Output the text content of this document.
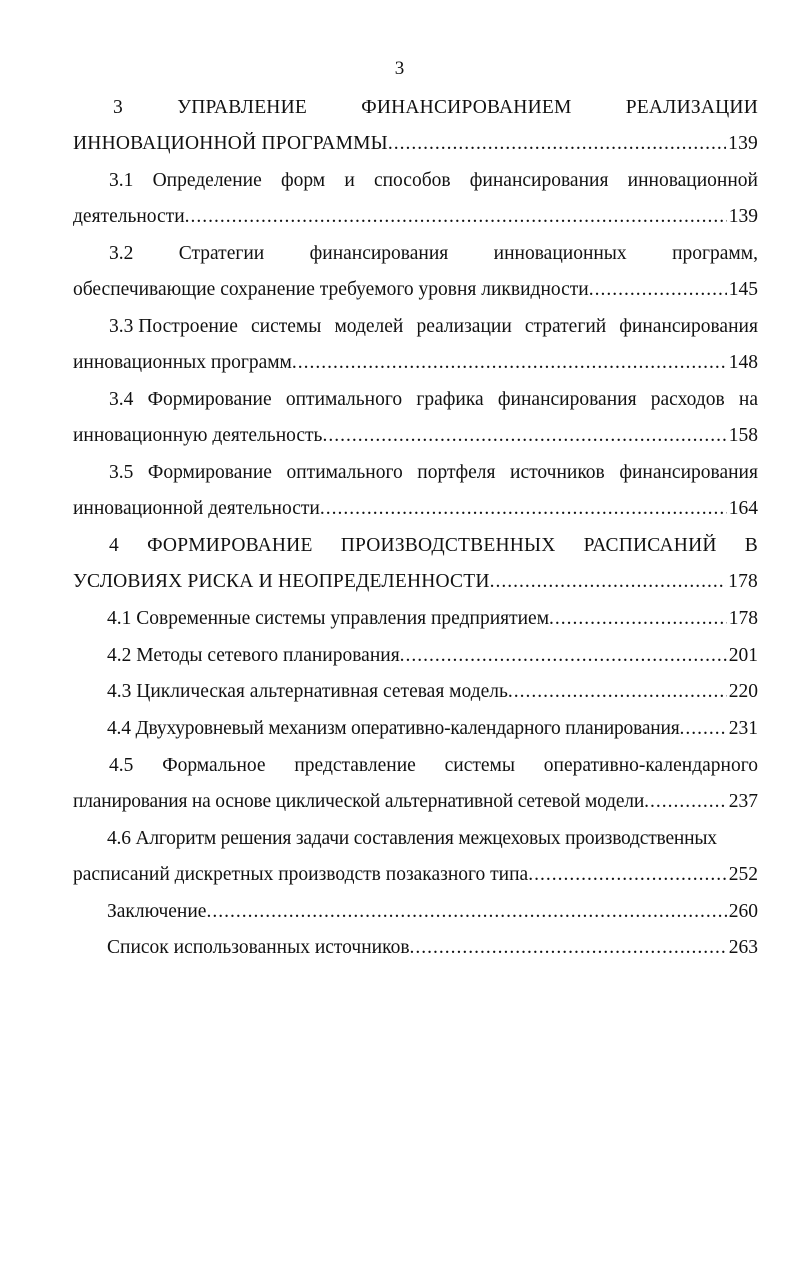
3
3	УПРАВЛЕНИЕ	ФИНАНСИРОВАНИЕМ	РЕАЛИЗАЦИИ
ИННОВАЦИОННОЙ ПРОГРАММЫ .....	139
3.1 Определение форм и способов финансирования инновационной
деятельности .....	139
3.2 Стратегии финансирования инновационных программ,
обеспечивающие сохранение требуемого уровня ликвидности .....	145
3.3 Построение системы моделей реализации стратегий финансирования
инновационных программ .....	148
3.4 Формирование оптимального графика финансирования расходов на
инновационную деятельность .....	158
3.5 Формирование оптимального портфеля источников финансирования
инновационной деятельности .....	164
4 ФОРМИРОВАНИЕ ПРОИЗВОДСТВЕННЫХ РАСПИСАНИЙ В
УСЛОВИЯХ РИСКА И НЕОПРЕДЕЛЕННОСТИ .....	178
4.1 Современные системы управления предприятием .....	178
4.2 Методы сетевого планирования .....	201
4.3 Циклическая альтернативная сетевая модель .....	220
4.4 Двухуровневый механизм оперативно-календарного планирования .....	231
4.5 Формальное представление системы оперативно-календарного
планирования на основе циклической альтернативной сетевой модели .....	237
4.6 Алгоритм решения задачи составления межцеховых производственных
расписаний дискретных производств позаказного типа .....	252
Заключение .....	260
Список использованных источников .....	263
